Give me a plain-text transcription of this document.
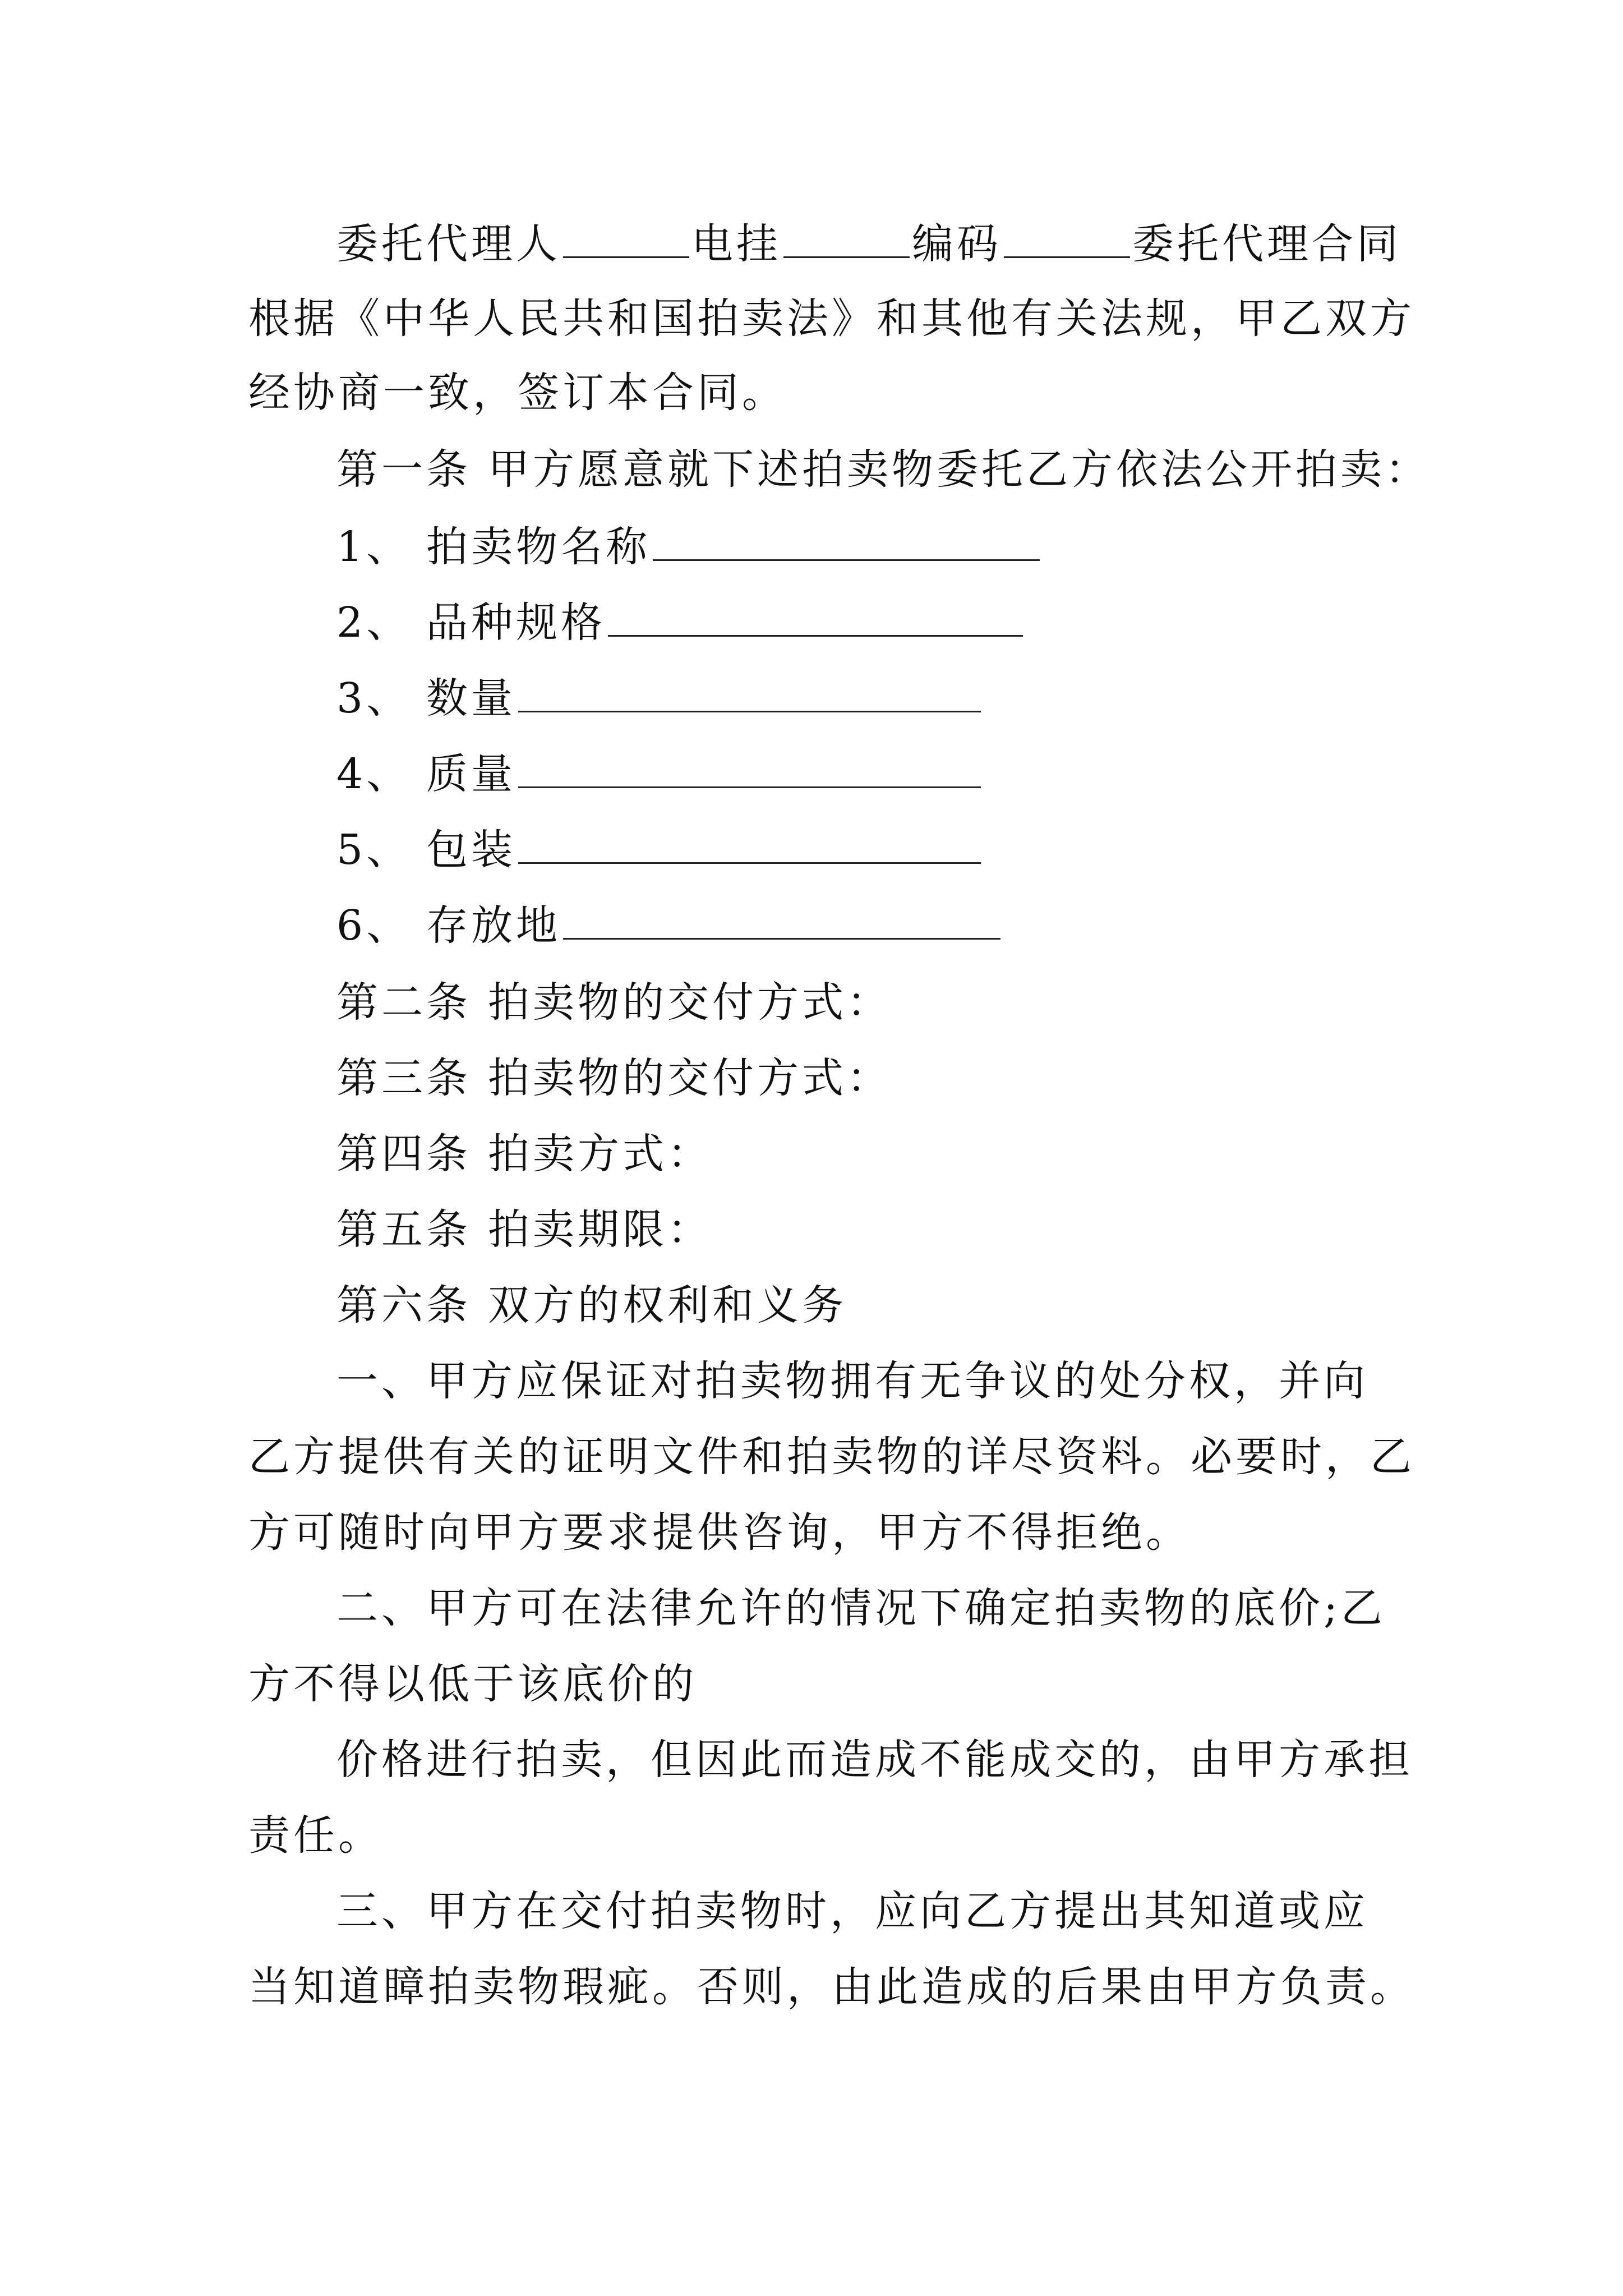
委托代理人	电挂	编码	委托代理合同
根据《中华人民共和国拍卖法》和其他有关法规，甲乙双方
经协商一致，签订本合同。
第一条 甲方愿意就下述拍卖物委托乙方依法公开拍卖：
1、 拍卖物名称
2、 品种规格
3、 数量
4、 质量
5、 包装
6、 存放地
第二条 拍卖物的交付方式：
第三条 拍卖物的交付方式：
第四条 拍卖方式：
第五条 拍卖期限：
第六条 双方的权利和义务
一、甲方应保证对拍卖物拥有无争议的处分权，并向
乙方提供有关的证明文件和拍卖物的详尽资料。必要时，乙
方可随时向甲方要求提供咨询，甲方不得拒绝。
二、甲方可在法律允许的情况下确定拍卖物的底价;乙
方不得以低于该底价的
价格进行拍卖，但因此而造成不能成交的，由甲方承担
责任。
三、甲方在交付拍卖物时，应向乙方提出其知道或应
当知道瞕拍卖物瑕疵。否则，由此造成的后果由甲方负责。
